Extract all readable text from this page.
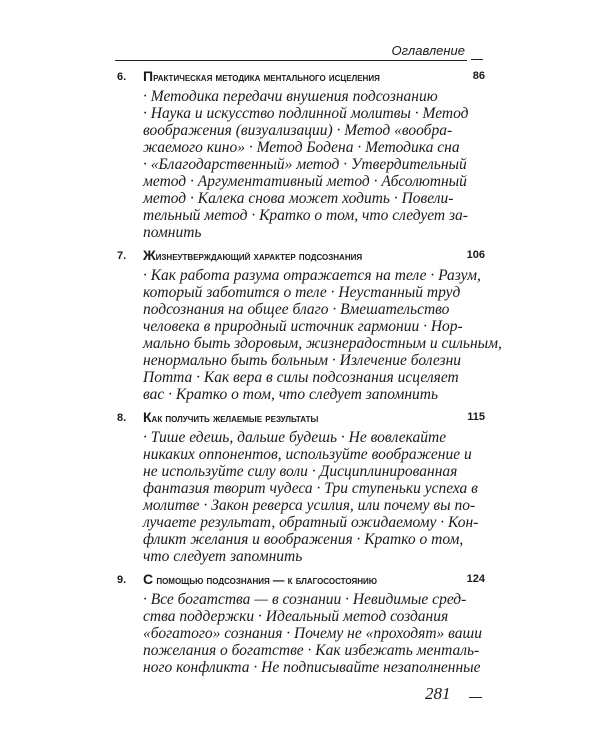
Оглавление
6. практическая методика ментального исцеления	86
· Методика передачи внушения подсознанию
· Наука и искусство подлинной молитвы · Метод
воображения (визуализации) · Метод «вообра-
жаемого кино» · Метод Бодена · Методика сна
· «Благодарственный» метод · Утвердительный
метод · Аргументативный метод · Абсолютный
метод · Калека снова может ходить · Повели-
тельный метод · Кратко о том, что следует за-
помнить
7. жизнеутверждающий характер подсознания	106
· Как работа разума отражается на теле · Разум,
который заботится о теле · Неустанный труд
подсознания на общее благо · Вмешательство
человека в природный источник гармонии · Нор-
мально быть здоровым, жизнерадостным и сильным,
ненормально быть больным · Излечение болезни
Потта · Как вера в силы подсознания исцеляет
вас · Кратко о том, что следует запомнить
8. как получить желаемые результаты	115
· Тише едешь, дальше будешь · Не вовлекайте
никаких оппонентов, используйте воображение и
не используйте силу воли · Дисциплинированная
фантазия творит чудеса · Три ступеньки успеха в
молитве · Закон реверса усилия, или почему вы по-
лучаете результат, обратный ожидаемому · Кон-
фликт желания и воображения · Кратко о том,
что следует запомнить
9. с помощью подсознания — к благосостоянию	124
· Все богатства — в сознании · Невидимые сред-
ства поддержки · Идеальный метод создания
«богатого» сознания · Почему не «проходят» ваши
пожелания о богатстве · Как избежать менталь-
ного конфликта · Не подписывайте незаполненные
281
